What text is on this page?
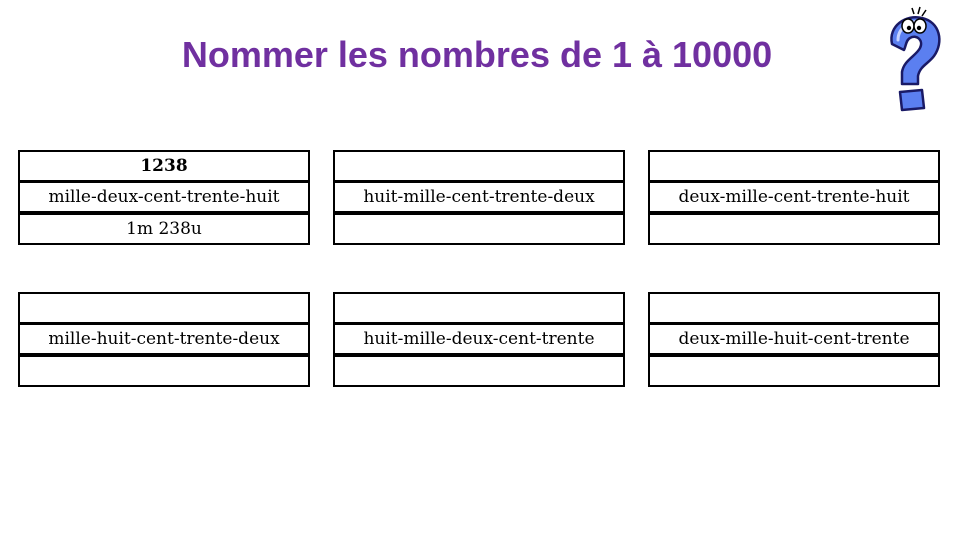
Nommer les nombres de 1 à 10000
1238
mille-deux-cent-trente-huit
1m 238u
huit-mille-cent-trente-deux	deux-mille-cent-trente-huit
mille-huit-cent-trente-deux	huit-mille-deux-cent-trente	deux-mille-huit-cent-trente
